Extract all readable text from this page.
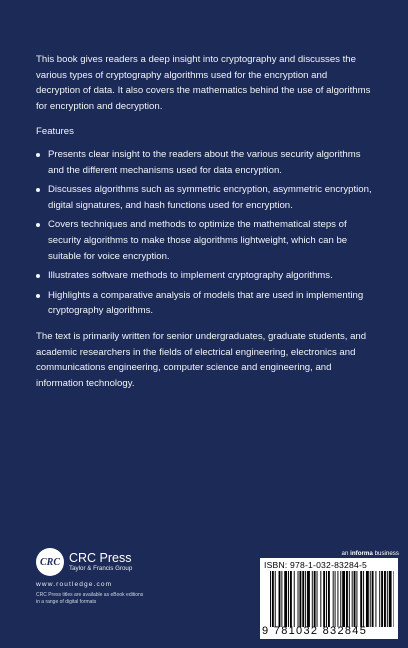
This book gives readers a deep insight into cryptography and discusses the various types of cryptography algorithms used for the encryption and decryption of data. It also covers the mathematics behind the use of algorithms for encryption and decryption.

Features

Presents clear insight to the readers about the various security algorithms and the different mechanisms used for data encryption.
Discusses algorithms such as symmetric encryption, asymmetric encryption, digital signatures, and hash functions used for encryption.
Covers techniques and methods to optimize the mathematical steps of security algorithms to make those algorithms lightweight, which can be suitable for voice encryption.
Illustrates software methods to implement cryptography algorithms.
Highlights a comparative analysis of models that are used in implementing cryptography algorithms.

The text is primarily written for senior undergraduates, graduate students, and academic researchers in the fields of electrical engineering, electronics and communications engineering, computer science and engineering, and information technology.

CRC CRC Press
Taylor & Francis Group
www.routledge.com
CRC Press titles are available as eBook editions
in a range of digital formats
an informa business
ISBN: 978-1-032-83284-5
9 781032 832845
